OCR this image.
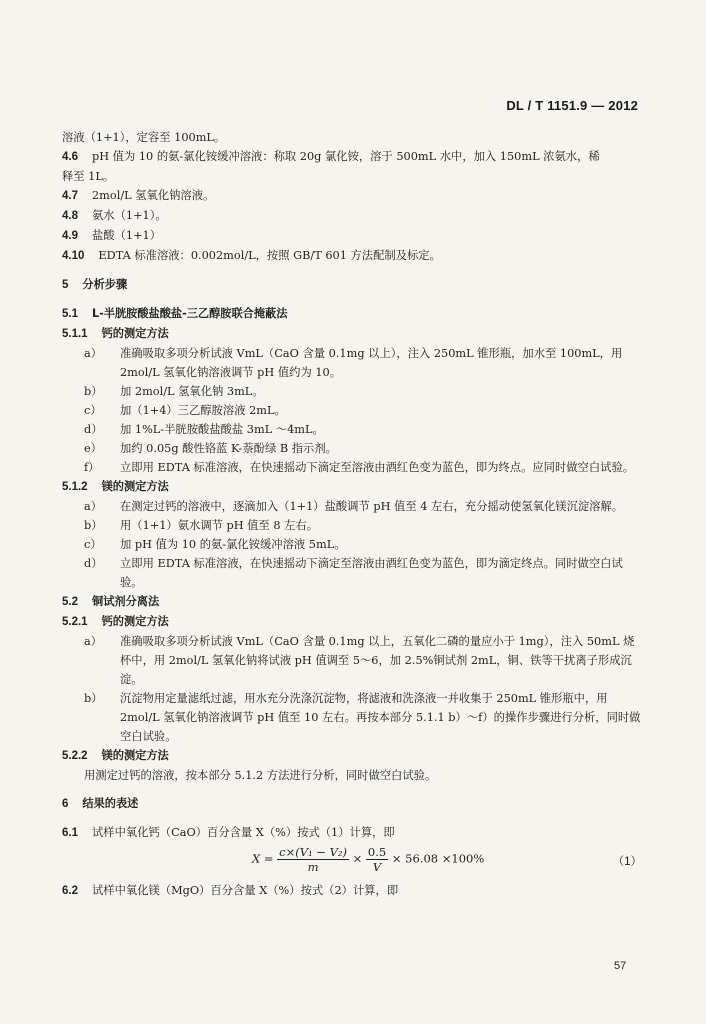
DL / T 1151.9 — 2012
溶液（1+1），定容至 100mL。
4.6 pH 值为 10 的氨-氯化铵缓冲溶液：称取 20g 氯化铵，溶于 500mL 水中，加入 150mL 浓氨水，稀
释至 1L。
4.7 2mol/L 氢氧化钠溶液。
4.8 氨水（1+1）。
4.9 盐酸（1+1）
4.10 EDTA 标准溶液：0.002mol/L，按照 GB/T 601 方法配制及标定。
5 分析步骤
5.1 L-半胱胺酸盐酸盐-三乙醇胺联合掩蔽法
5.1.1 钙的测定方法
a）	准确吸取多项分析试液 VmL（CaO 含量 0.1mg 以上），注入 250mL 锥形瓶，加水至 100mL，用 2mol/L 氢氧化钠溶液调节 pH 值约为 10。
b）	加 2mol/L 氢氧化钠 3mL。
c）	加（1+4）三乙醇胺溶液 2mL。
d）	加 1%L-半胱胺酸盐酸盐 3mL ～4mL。
e）	加约 0.05g 酸性铬蓝 K-萘酚绿 B 指示剂。
f）	立即用 EDTA 标准溶液，在快速摇动下滴定至溶液由酒红色变为蓝色，即为终点。应同时做空白试验。
5.1.2 镁的测定方法
a）	在测定过钙的溶液中，逐滴加入（1+1）盐酸调节 pH 值至 4 左右，充分摇动使氢氧化镁沉淀溶解。
b）	用（1+1）氨水调节 pH 值至 8 左右。
c）	加 pH 值为 10 的氨-氯化铵缓冲溶液 5mL。
d）	立即用 EDTA 标准溶液，在快速摇动下滴定至溶液由酒红色变为蓝色，即为滴定终点。同时做空白试验。
5.2 铜试剂分离法
5.2.1 钙的测定方法
a）	准确吸取多项分析试液 VmL（CaO 含量 0.1mg 以上，五氧化二磷的量应小于 1mg），注入 50mL 烧杯中，用 2mol/L 氢氧化钠将试液 pH 值调至 5～6，加 2.5%铜试剂 2mL，铜、铁等干扰离子形成沉淀。
b）	沉淀物用定量滤纸过滤，用水充分洗涤沉淀物，将滤液和洗涤液一并收集于 250mL 锥形瓶中，用 2mol/L 氢氧化钠溶液调节 pH 值至 10 左右。再按本部分 5.1.1 b）～f）的操作步骤进行分析，同时做空白试验。
5.2.2 镁的测定方法
用测定过钙的溶液，按本部分 5.1.2 方法进行分析，同时做空白试验。
6 结果的表述
6.1 试样中氧化钙（CaO）百分含量 X（%）按式（1）计算，即
$X = \frac{\text{c×(V₁ − V₂)}}{m} \times \frac{0.5}{V} \times 56.08 \times 100\%$	（1）
6.2 试样中氧化镁（MgO）百分含量 X（%）按式（2）计算，即
57
